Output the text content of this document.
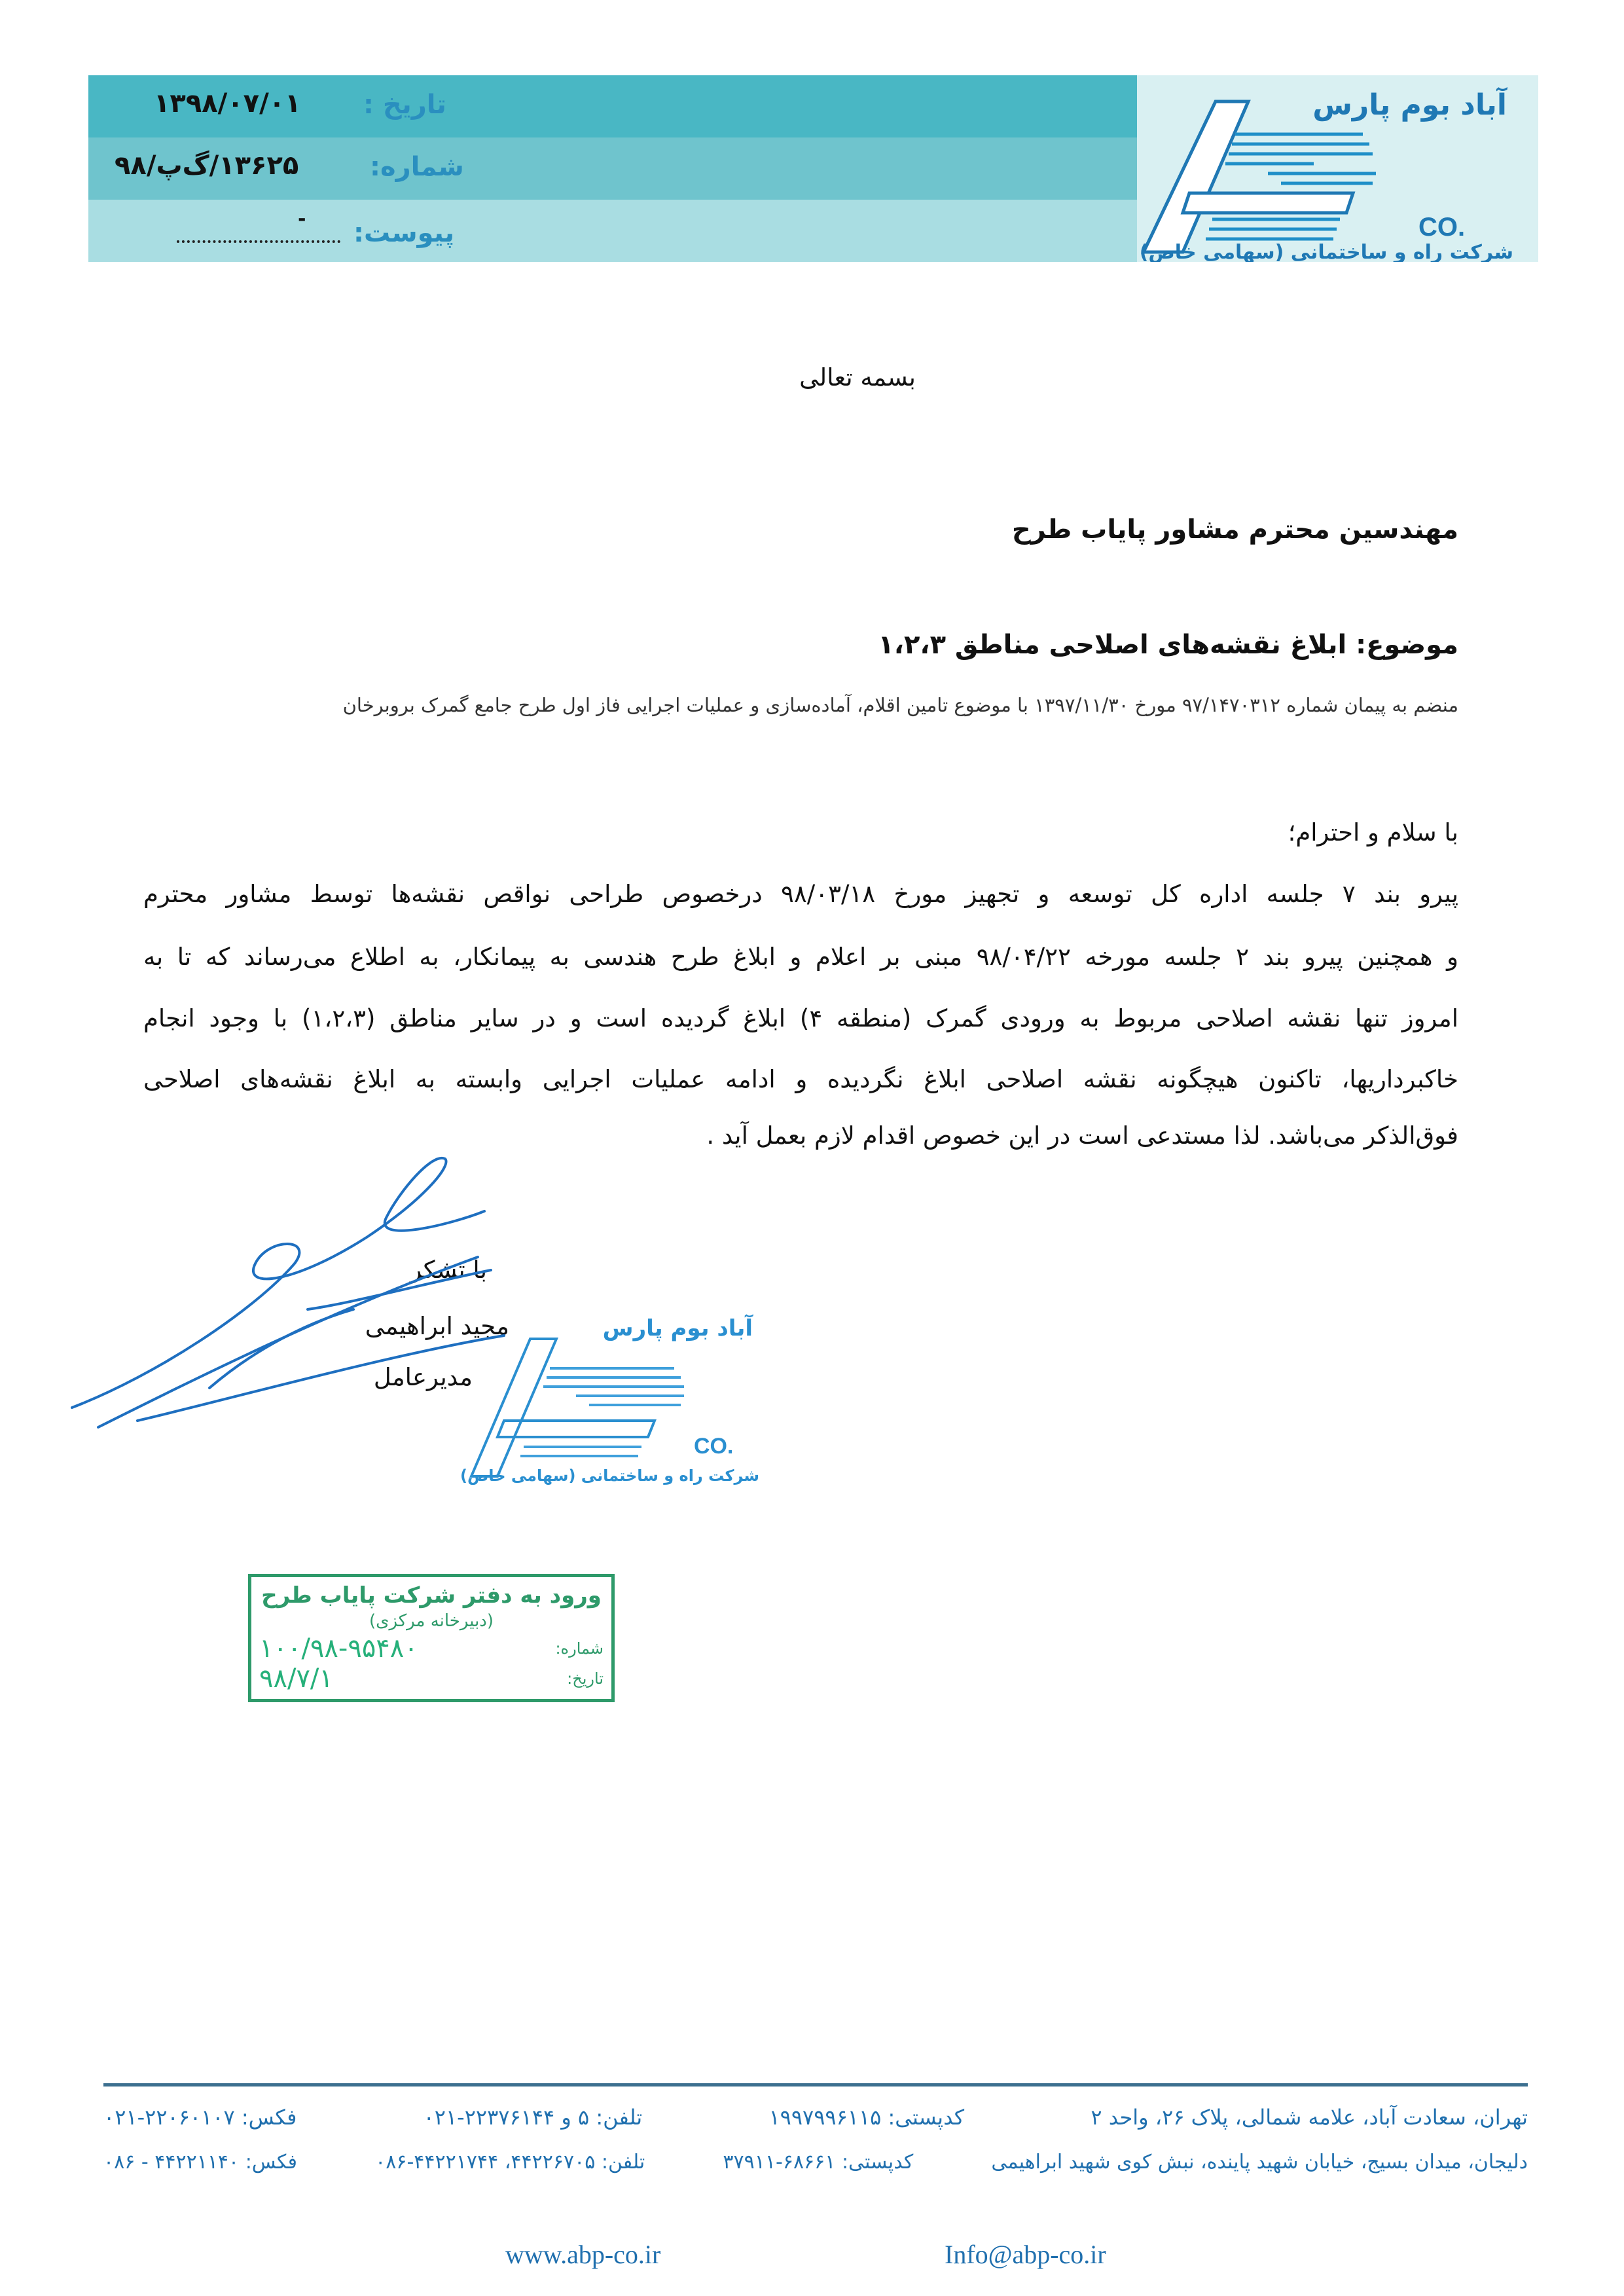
تاریخ :
۱۳۹۸/۰۷/۰۱
شماره:
۱۳۶۲۵/گ‌پ/۹۸
پیوست:
-
آباد بوم پارس
CO.
شرکت راه و ساختمانی (سهامی خاص)
بسمه تعالی
مهندسین محترم مشاور پایاب طرح
موضوع: ابلاغ نقشه‌های اصلاحی مناطق ۱،۲،۳
منضم به پیمان شماره ۹۷/۱۴۷۰۳۱۲ مورخ ۱۳۹۷/۱۱/۳۰ با موضوع تامین اقلام، آماده‌سازی و عملیات اجرایی فاز اول طرح جامع گمرک بروبرخان
با سلام و احترام؛
پیرو بند ۷ جلسه اداره کل توسعه و تجهیز مورخ ۹۸/۰۳/۱۸ درخصوص طراحی نواقص نقشه‌ها توسط مشاور محترم
و همچنین پیرو بند ۲ جلسه مورخه ۹۸/۰۴/۲۲ مبنی بر اعلام و ابلاغ طرح هندسی به پیمانکار، به اطلاع می‌رساند که تا به
امروز تنها نقشه اصلاحی مربوط به ورودی گمرک (منطقه ۴) ابلاغ گردیده است و در سایر مناطق (۱،۲،۳) با وجود انجام
خاکبرداریها، تاکنون هیچگونه نقشه اصلاحی ابلاغ نگردیده و ادامه عملیات اجرایی وابسته به ابلاغ نقشه‌های اصلاحی
فوق‌الذکر می‌باشد. لذا مستدعی است در این خصوص اقدام لازم بعمل آید .
با تشکر
مجید ابراهیمی
مدیرعامل
آباد بوم پارس
CO.
شرکت راه و ساختمانی (سهامی خاص)
ورود به دفتر شرکت پایاب طرح
(دبیرخانه مرکزی)
شماره:
۱۰۰/۹۸-۹۵۴۸۰
تاریخ:
۹۸/۷/۱
تهران، سعادت آباد، علامه شمالی، پلاک ۲۶، واحد ۲
کدپستی: ۱۹۹۷۹۹۶۱۱۵
تلفن: ۵ و ۲۲۳۷۶۱۴۴-۰۲۱
فکس: ۲۲۰۶۰۱۰۷-۰۲۱
دلیجان، میدان بسیج، خیابان شهید پاینده، نبش کوی شهید ابراهیمی
کدپستی: ۶۸۶۶۱-۳۷۹۱۱
تلفن: ۴۴۲۲۶۷۰۵، ۴۴۲۲۱۷۴۴-۰۸۶
فکس: ۴۴۲۲۱۱۴۰ - ۰۸۶
www.abp-co.ir	Info@abp-co.ir
